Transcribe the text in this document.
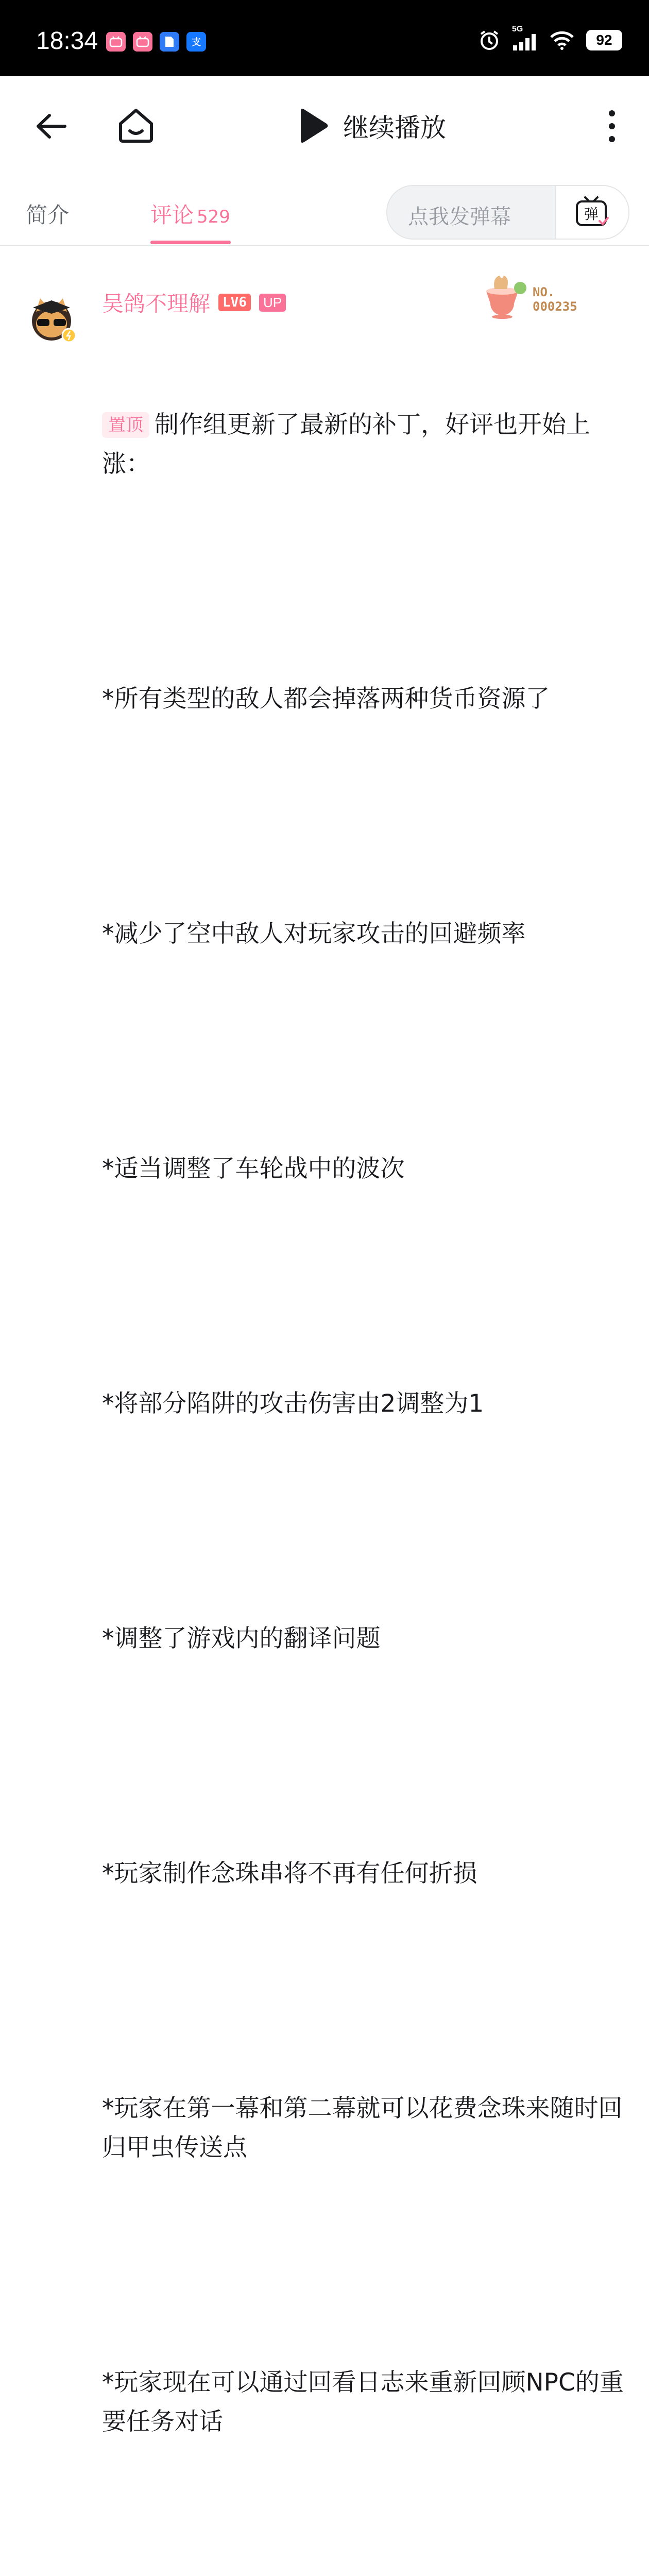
18:34	支
5G
92
继续播放
简介	评论 529	点我发弹幕	弹
吴鸽不理解 LV6	UP
NO.
000235

置顶 制作组更新了最新的补丁，好评也开始上涨：

*所有类型的敌人都会掉落两种货币资源了

*减少了空中敌人对玩家攻击的回避频率

*适当调整了车轮战中的波次

*将部分陷阱的攻击伤害由2调整为1

*调整了游戏内的翻译问题

*玩家制作念珠串将不再有任何折损

*玩家在第一幕和第二幕就可以花费念珠来随时回归甲虫传送点

*玩家现在可以通过回看日志来重新回顾NPC的重要任务对话
